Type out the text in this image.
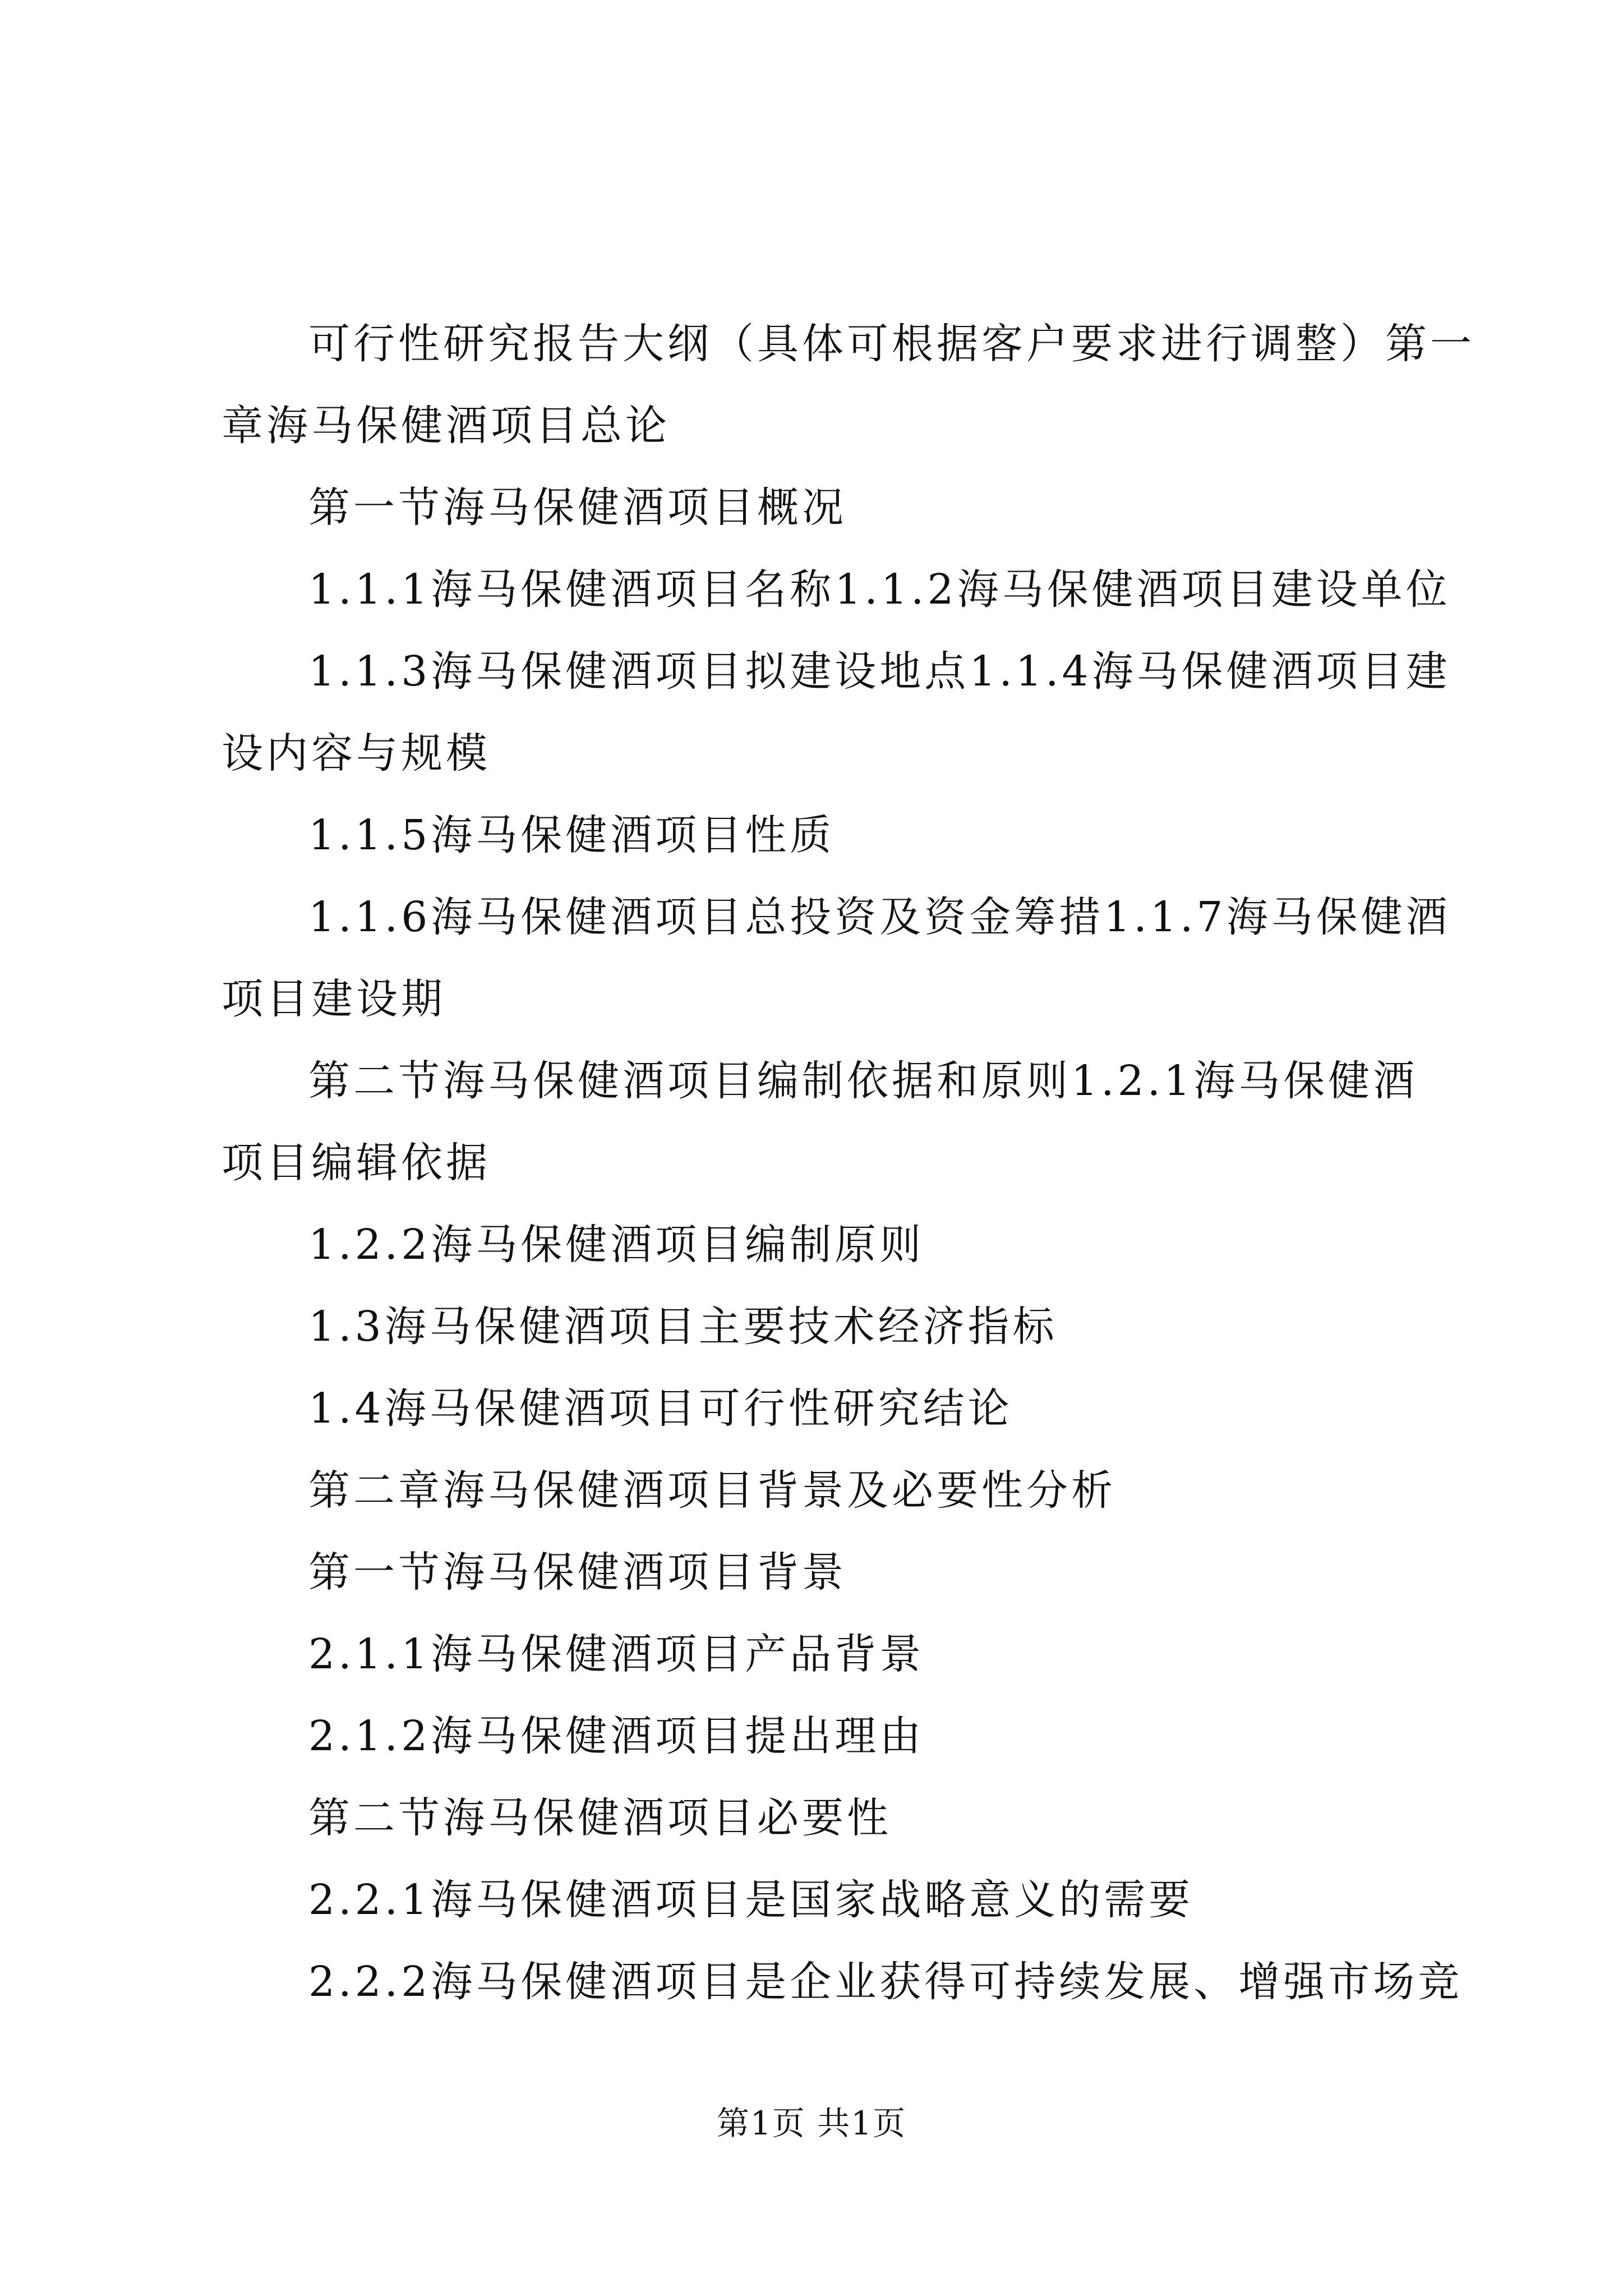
可行性研究报告大纲（具体可根据客户要求进行调整）第一
章海马保健酒项目总论
第一节海马保健酒项目概况
1.1.1海马保健酒项目名称1.1.2海马保健酒项目建设单位
1.1.3海马保健酒项目拟建设地点1.1.4海马保健酒项目建
设内容与规模
1.1.5海马保健酒项目性质
1.1.6海马保健酒项目总投资及资金筹措1.1.7海马保健酒
项目建设期
第二节海马保健酒项目编制依据和原则1.2.1海马保健酒
项目编辑依据
1.2.2海马保健酒项目编制原则
1.3海马保健酒项目主要技术经济指标
1.4海马保健酒项目可行性研究结论
第二章海马保健酒项目背景及必要性分析
第一节海马保健酒项目背景
2.1.1海马保健酒项目产品背景
2.1.2海马保健酒项目提出理由
第二节海马保健酒项目必要性
2.2.1海马保健酒项目是国家战略意义的需要
2.2.2海马保健酒项目是企业获得可持续发展、增强市场竞
第1页 共1页
